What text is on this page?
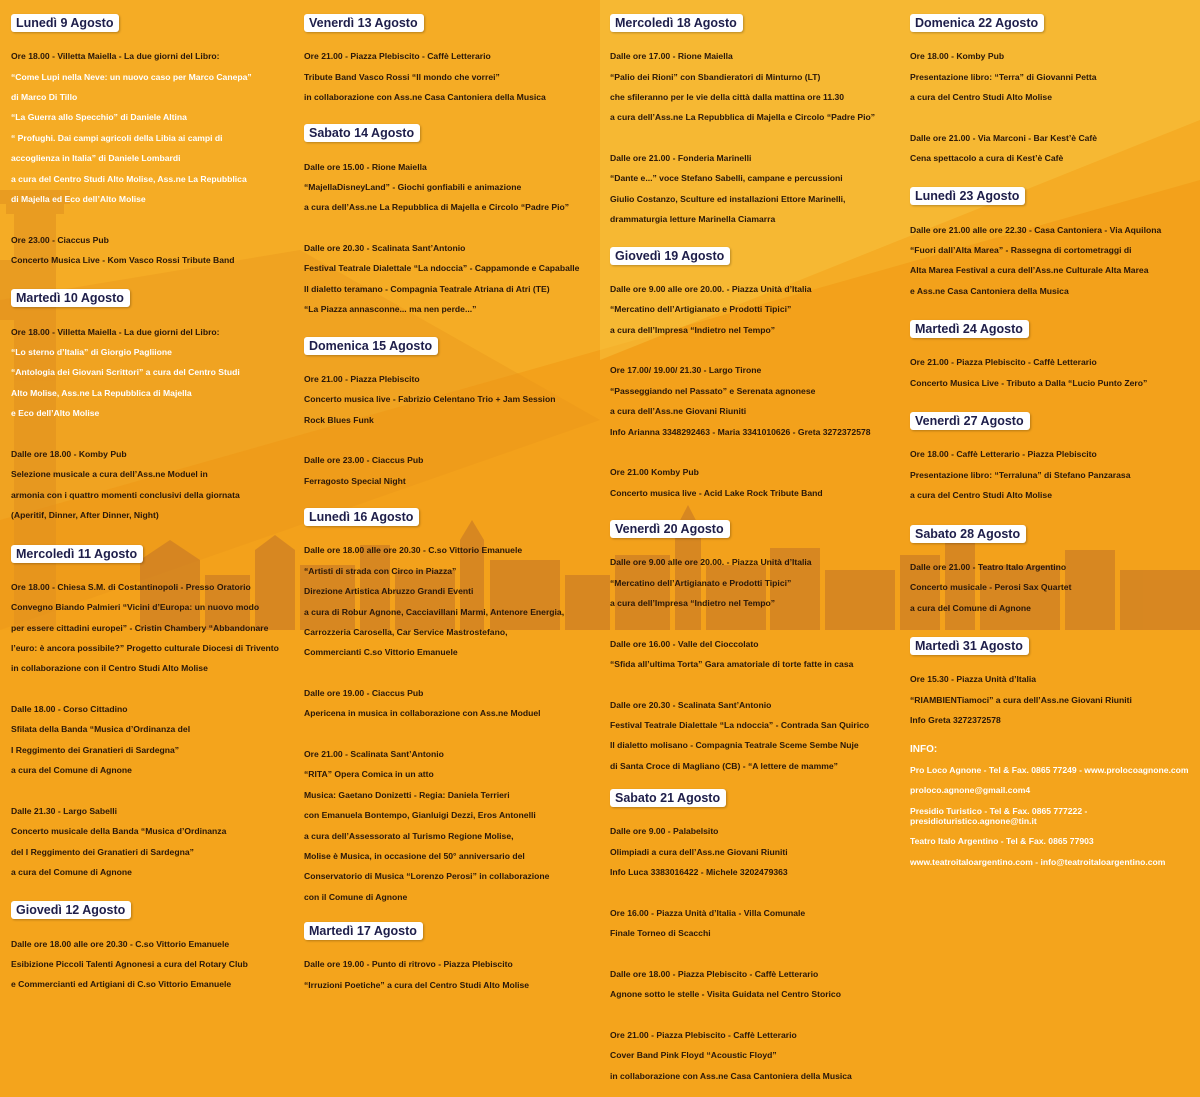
Lunedì 9 Agosto

Ore 18.00 - Villetta Maiella - La due giorni del Libro:

“Come Lupi nella Neve: un nuovo caso per Marco Canepa”

di Marco Di Tillo

“La Guerra allo Specchio” di Daniele Altina

“ Profughi. Dai campi agricoli della Libia ai campi di

accoglienza in Italia” di Daniele Lombardi

a cura del Centro Studi Alto Molise, Ass.ne La Repubblica

di Majella ed Eco dell’Alto Molise

Ore 23.00 - Ciaccus Pub

Concerto Musica Live - Kom Vasco Rossi Tribute Band

Martedì 10 Agosto

Ore 18.00 - Villetta Maiella - La due giorni del Libro:

“Lo sterno d’Italia” di Giorgio Pagliione

“Antologia dei Giovani Scrittori” a cura del Centro Studi

Alto Molise, Ass.ne La Repubblica di Majella

e Eco dell’Alto Molise

Dalle ore 18.00 - Komby Pub

Selezione musicale a cura dell’Ass.ne Moduel in

armonia con i quattro momenti conclusivi della giornata

(Aperitif, Dinner, After Dinner, Night)

Mercoledì 11 Agosto

Ore 18.00 - Chiesa S.M. di Costantinopoli - Presso Oratorio

Convegno Biando Palmieri “Vicini d’Europa: un nuovo modo

per essere cittadini europei” - Cristin Chambery “Abbandonare

l’euro: è ancora possibile?” Progetto culturale Diocesi di Trivento

in collaborazione con il Centro Studi Alto Molise

Dalle 18.00 - Corso Cittadino

Sfilata della Banda “Musica d’Ordinanza del

I Reggimento dei Granatieri di Sardegna”

a cura del Comune di Agnone

Dalle 21.30 - Largo Sabelli

Concerto musicale della Banda “Musica d’Ordinanza

del I Reggimento dei Granatieri di Sardegna”

a cura del Comune di Agnone

Giovedì 12 Agosto

Dalle ore 18.00 alle ore 20.30 - C.so Vittorio Emanuele

Esibizione Piccoli Talenti Agnonesi a cura del Rotary Club

e Commercianti ed Artigiani di C.so Vittorio Emanuele

Venerdì 13 Agosto

Ore 21.00 - Piazza Plebiscito - Caffè Letterario

Tribute Band Vasco Rossi “Il mondo che vorrei”

in collaborazione con Ass.ne Casa Cantoniera della Musica

Sabato 14 Agosto

Dalle ore 15.00 - Rione Maiella

“MajellaDisneyLand” - Giochi gonfiabili e animazione

a cura dell’Ass.ne La Repubblica di Majella e Circolo “Padre Pio”

Dalle ore 20.30 - Scalinata Sant’Antonio

Festival Teatrale Dialettale “La ndoccia” - Cappamonde e Capaballe

Il dialetto teramano - Compagnia Teatrale Atriana di Atri (TE)

“La Piazza annasconne... ma nen perde...”

Domenica 15 Agosto

Ore 21.00 - Piazza Plebiscito

Concerto musica live - Fabrizio Celentano Trio + Jam Session

Rock Blues Funk

Dalle ore 23.00 - Ciaccus Pub

Ferragosto Special Night

Lunedì 16 Agosto

Dalle ore 18.00 alle ore 20.30 - C.so Vittorio Emanuele

“Artisti di strada con Circo in Piazza”

Direzione Artistica Abruzzo Grandi Eventi

a cura di Robur Agnone, Cacciavillani Marmi, Antenore Energia,

Carrozzeria Carosella, Car Service Mastrostefano,

Commercianti C.so Vittorio Emanuele

Dalle ore 19.00 - Ciaccus Pub

Apericena in musica in collaborazione con Ass.ne Moduel

Ore 21.00 - Scalinata Sant’Antonio

“RITA” Opera Comica in un atto

Musica: Gaetano Donizetti - Regia: Daniela Terrieri

con Emanuela Bontempo, Gianluigi Dezzi, Eros Antonelli

a cura dell’Assessorato al Turismo Regione Molise,

Molise è Musica, in occasione del 50° anniversario del

Conservatorio di Musica “Lorenzo Perosi” in collaborazione

con il Comune di Agnone

Martedì 17 Agosto

Dalle ore 19.00 - Punto di ritrovo - Piazza Plebiscito

“Irruzioni Poetiche” a cura del Centro Studi Alto Molise

Mercoledì 18 Agosto

Dalle ore 17.00 - Rione Maiella

“Palio dei Rioni” con Sbandieratori di Minturno (LT)

che sfileranno per le vie della città dalla mattina ore 11.30

a cura dell’Ass.ne La Repubblica di Majella e Circolo “Padre Pio”

Dalle ore 21.00 - Fonderia Marinelli

“Dante e...” voce Stefano Sabelli, campane e percussioni

Giulio Costanzo, Sculture ed installazioni Ettore Marinelli,

drammaturgia letture Marinella Ciamarra

Giovedì 19 Agosto

Dalle ore 9.00 alle ore 20.00. - Piazza Unità d’Italia

“Mercatino dell’Artigianato e Prodotti Tipici”

a cura dell’Impresa “Indietro nel Tempo”

Ore 17.00/ 19.00/ 21.30 - Largo Tirone

“Passeggiando nel Passato” e Serenata agnonese

a cura dell’Ass.ne Giovani Riuniti

Info Arianna 3348292463 - Maria 3341010626 - Greta 3272372578

Ore 21.00 Komby Pub

Concerto musica live - Acid Lake Rock Tribute Band

Venerdì 20 Agosto

Dalle ore 9.00 alle ore 20.00. - Piazza Unità d’Italia

“Mercatino dell’Artigianato e Prodotti Tipici”

a cura dell’Impresa “Indietro nel Tempo”

Dalle ore 16.00 - Valle del Cioccolato

“Sfida all’ultima Torta” Gara amatoriale di torte fatte in casa

Dalle ore 20.30 - Scalinata Sant’Antonio

Festival Teatrale Dialettale “La ndoccia” - Contrada San Quirico

Il dialetto molisano - Compagnia Teatrale Sceme Sembe Nuje

di Santa Croce di Magliano (CB) - “A lettere de mamme”

Sabato 21 Agosto

Dalle ore 9.00 - Palabelsito

Olimpiadi a cura dell’Ass.ne Giovani Riuniti

Info Luca 3383016422 - Michele 3202479363

Ore 16.00 - Piazza Unità d’Italia - Villa Comunale

Finale Torneo di Scacchi

Dalle ore 18.00 - Piazza Plebiscito - Caffè Letterario

Agnone sotto le stelle - Visita Guidata nel Centro Storico

Ore 21.00 - Piazza Plebiscito - Caffè Letterario

Cover Band Pink Floyd “Acoustic Floyd”

in collaborazione con Ass.ne Casa Cantoniera della Musica

Domenica 22 Agosto

Ore 18.00 - Komby Pub

Presentazione libro: “Terra” di Giovanni Petta

a cura del Centro Studi Alto Molise

Dalle ore 21.00 - Via Marconi - Bar Kest’è Cafè

Cena spettacolo a cura di Kest’è Cafè

Lunedì 23 Agosto

Dalle ore 21.00 alle ore 22.30 - Casa Cantoniera - Via Aquilona

“Fuori dall’Alta Marea” - Rassegna di cortometraggi di

Alta Marea Festival a cura dell’Ass.ne Culturale Alta Marea

e Ass.ne Casa Cantoniera della Musica

Martedì 24 Agosto

Ore 21.00 - Piazza Plebiscito - Caffè Letterario

Concerto Musica Live - Tributo a Dalla “Lucio Punto Zero”

Venerdì 27 Agosto

Ore 18.00 - Caffè Letterario - Piazza Plebiscito

Presentazione libro: “Terraluna” di Stefano Panzarasa

a cura del Centro Studi Alto Molise

Sabato 28 Agosto

Dalle ore 21.00 - Teatro Italo Argentino

Concerto musicale - Perosi Sax Quartet

a cura del Comune di Agnone

Martedì 31 Agosto

Ore 15.30 - Piazza Unità d’Italia

“RIAMBIENTiamoci” a cura dell’Ass.ne Giovani Riuniti

Info Greta 3272372578

INFO:

Pro Loco Agnone - Tel & Fax. 0865 77249 - www.prolocoagnone.com

proloco.agnone@gmail.com4

Presidio Turistico - Tel & Fax. 0865 777222 - presidioturistico.agnone@tin.it

Teatro Italo Argentino - Tel & Fax. 0865 77903

www.teatroitaloargentino.com - info@teatroitaloargentino.com
